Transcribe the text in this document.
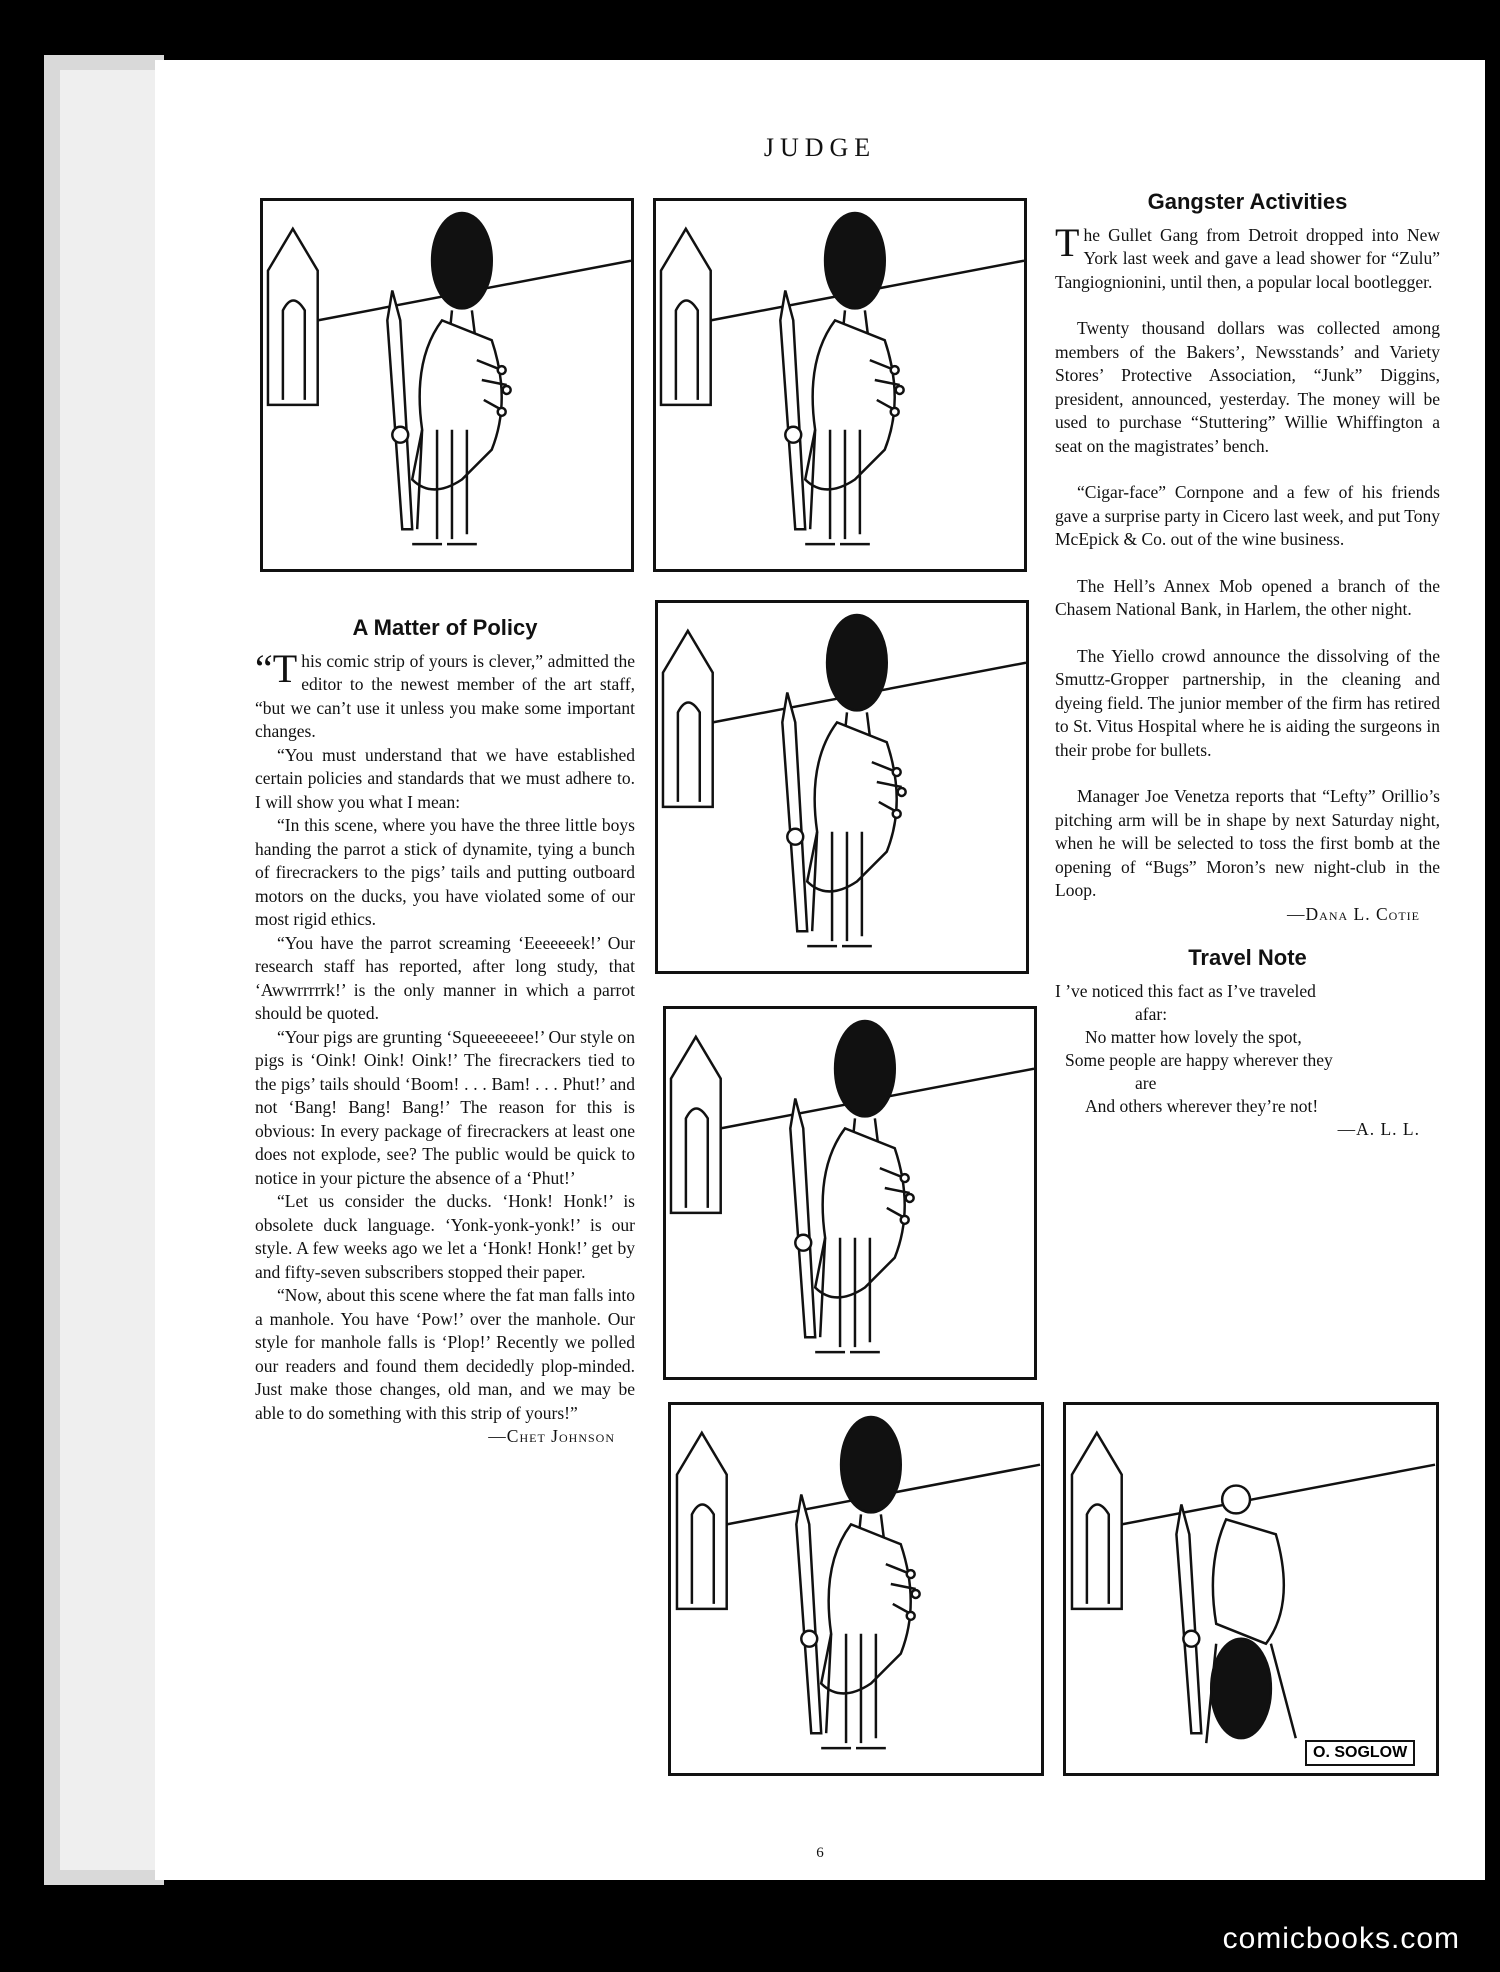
JUDGE
O. SOGLOW
A Matter of Policy

“T his comic strip of yours is clever,” admitted the editor to the newest member of the art staff, “but we can’t use it unless you make some important changes.

“You must understand that we have established certain policies and standards that we must adhere to. I will show you what I mean:

“In this scene, where you have the three little boys handing the parrot a stick of dynamite, tying a bunch of firecrackers to the pigs’ tails and putting outboard motors on the ducks, you have violated some of our most rigid ethics.

“You have the parrot screaming ‘Eeeeeeek!’ Our research staff has reported, after long study, that ‘Awwrrrrrk!’ is the only manner in which a parrot should be quoted.

“Your pigs are grunting ‘Squeeeeeee!’ Our style on pigs is ‘Oink! Oink! Oink!’ The firecrackers tied to the pigs’ tails should ‘Boom! . . . Bam! . . . Phut!’ and not ‘Bang! Bang! Bang!’ The reason for this is obvious: In every package of firecrackers at least one does not explode, see? The public would be quick to notice in your picture the absence of a ‘Phut!’

“Let us consider the ducks. ‘Honk! Honk!’ is obsolete duck language. ‘Yonk-yonk-yonk!’ is our style. A few weeks ago we let a ‘Honk! Honk!’ get by and fifty-seven subscribers stopped their paper.

“Now, about this scene where the fat man falls into a manhole. You have ‘Pow!’ over the manhole. Our style for manhole falls is ‘Plop!’ Recently we polled our readers and found them decidedly plop-minded. Just make those changes, old man, and we may be able to do something with this strip of yours!”

—Chet Johnson
Gangster Activities

The Gullet Gang from Detroit dropped into New York last week and gave a lead shower for “Zulu” Tangiognionini, until then, a popular local bootlegger.

Twenty thousand dollars was collected among members of the Bakers’, Newsstands’ and Variety Stores’ Protective Association, “Junk” Diggins, president, announced, yesterday. The money will be used to purchase “Stuttering” Willie Whiffington a seat on the magistrates’ bench.

“Cigar-face” Cornpone and a few of his friends gave a surprise party in Cicero last week, and put Tony McEpick & Co. out of the wine business.

The Hell’s Annex Mob opened a branch of the Chasem National Bank, in Harlem, the other night.

The Yiello crowd announce the dissolving of the Smuttz-Gropper partnership, in the cleaning and dyeing field. The junior member of the firm has retired to St. Vitus Hospital where he is aiding the surgeons in their probe for bullets.

Manager Joe Venetza reports that “Lefty” Orillio’s pitching arm will be in shape by next Saturday night, when he will be selected to toss the first bomb at the opening of “Bugs” Moron’s new night-club in the Loop.

—Dana L. Cotie
Travel Note
I ’ve noticed this fact as I’ve traveled
afar:
No matter how lovely the spot,
Some people are happy wherever they
are
And others wherever they’re not!
—A. L. L.
6
comicbooks.com
